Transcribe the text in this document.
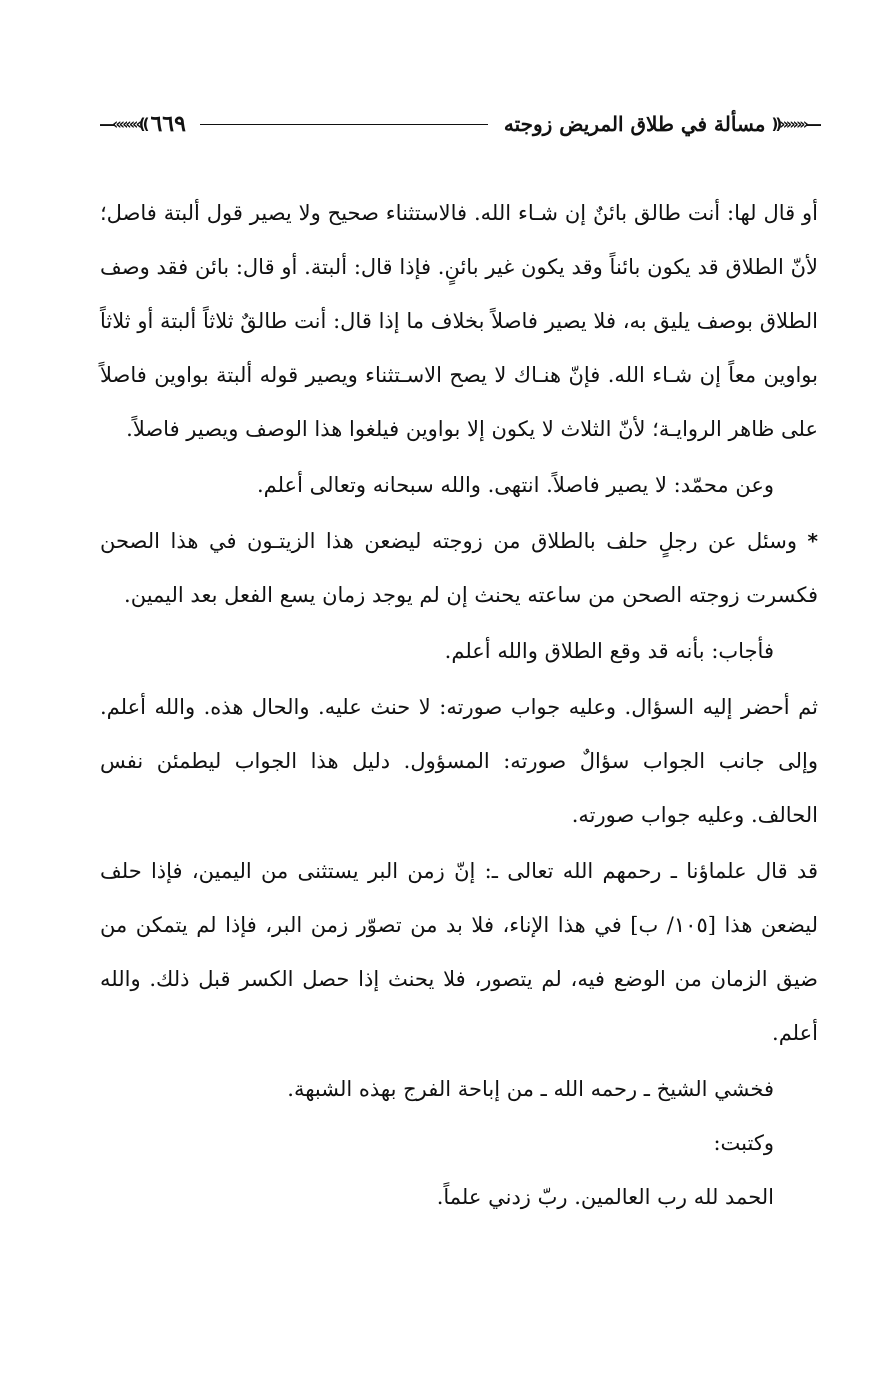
―««««((
مسألة في طلاق المريض زوجته
٦٦٩
))»»»»―

أو قال لها: أنت طالق بائنٌ إن شـاء الله. فالاستثناء صحيح ولا يصير قول ألبتة فاصل؛ لأنّ الطلاق قد يكون بائناً وقد يكون غير بائنٍ. فإذا قال: ألبتة. أو قال: بائن فقد وصف الطلاق بوصف يليق به، فلا يصير فاصلاً بخلاف ما إذا قال: أنت طالقٌ ثلاثاً ألبتة أو ثلاثاً بواوين معاً إن شـاء الله. فإنّ هنـاك لا يصح الاسـتثناء ويصير قوله ألبتة بواوين فاصلاً على ظاهر الروايـة؛ لأنّ الثلاث لا يكون إلا بواوين فيلغوا هذا الوصف ويصير فاصلاً.

وعن محمّد: لا يصير فاصلاً. انتهى. والله سبحانه وتعالى أعلم.

* وسئل عن رجلٍ حلف بالطلاق من زوجته ليضعن هذا الزيتـون في هذا الصحن فكسرت زوجته الصحن من ساعته يحنث إن لم يوجد زمان يسع الفعل بعد اليمين.

فأجاب: بأنه قد وقع الطلاق والله أعلم.

ثم أحضر إليه السؤال. وعليه جواب صورته: لا حنث عليه. والحال هذه. والله أعلم. وإلى جانب الجواب سؤالٌ صورته: المسؤول. دليل هذا الجواب ليطمئن نفس الحالف. وعليه جواب صورته.

قد قال علماؤنا ـ رحمهم الله تعالى ـ: إنّ زمن البر يستثنى من اليمين، فإذا حلف ليضعن هذا [١٠٥/ ب] في هذا الإناء، فلا بد من تصوّر زمن البر، فإذا لم يتمكن من ضيق الزمان من الوضع فيه، لم يتصور، فلا يحنث إذا حصل الكسر قبل ذلك. والله أعلم.

فخشي الشيخ ـ رحمه الله ـ من إباحة الفرج بهذه الشبهة.

وكتبت:

الحمد لله رب العالمين. ربّ زدني علماً.
